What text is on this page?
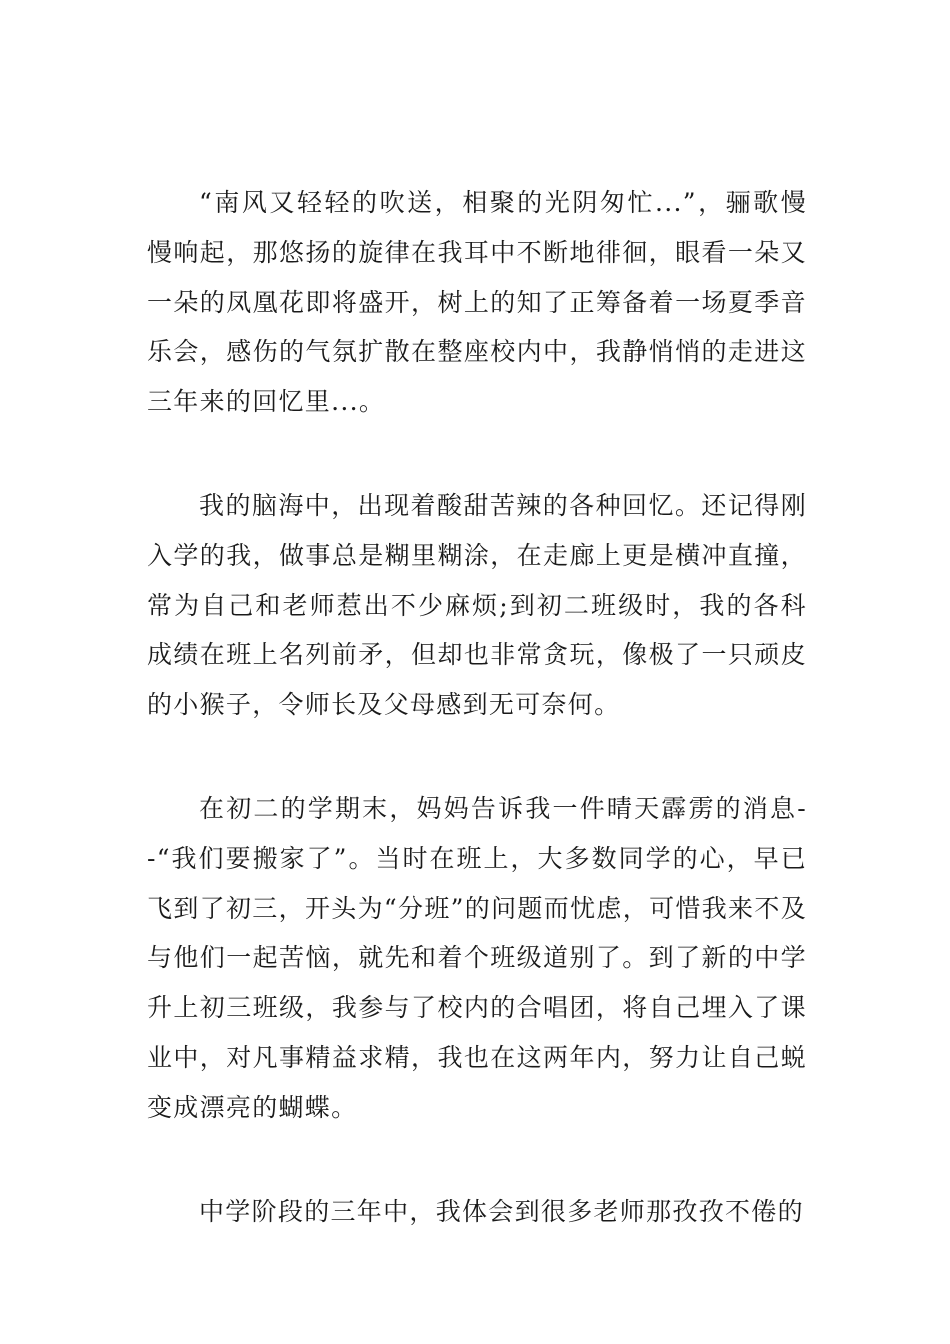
“南风又轻轻的吹送，相聚的光阴匆忙...”，骊歌慢慢响起，那悠扬的旋律在我耳中不断地徘徊，眼看一朵又一朵的凤凰花即将盛开，树上的知了正筹备着一场夏季音乐会，感伤的气氛扩散在整座校内中，我静悄悄的走进这三年来的回忆里...。

我的脑海中，出现着酸甜苦辣的各种回忆。还记得刚入学的我，做事总是糊里糊涂，在走廊上更是横冲直撞，常为自己和老师惹出不少麻烦;到初二班级时，我的各科成绩在班上名列前矛，但却也非常贪玩，像极了一只顽皮的小猴子，令师长及父母感到无可奈何。

在初二的学期末，妈妈告诉我一件晴天霹雳的消息--“我们要搬家了”。当时在班上，大多数同学的心，早已飞到了初三，开头为“分班”的问题而忧虑，可惜我来不及与他们一起苦恼，就先和着个班级道别了。到了新的中学升上初三班级，我参与了校内的合唱团，将自己埋入了课业中，对凡事精益求精，我也在这两年内，努力让自己蜕变成漂亮的蝴蝶。

中学阶段的三年中，我体会到很多老师那孜孜不倦的
